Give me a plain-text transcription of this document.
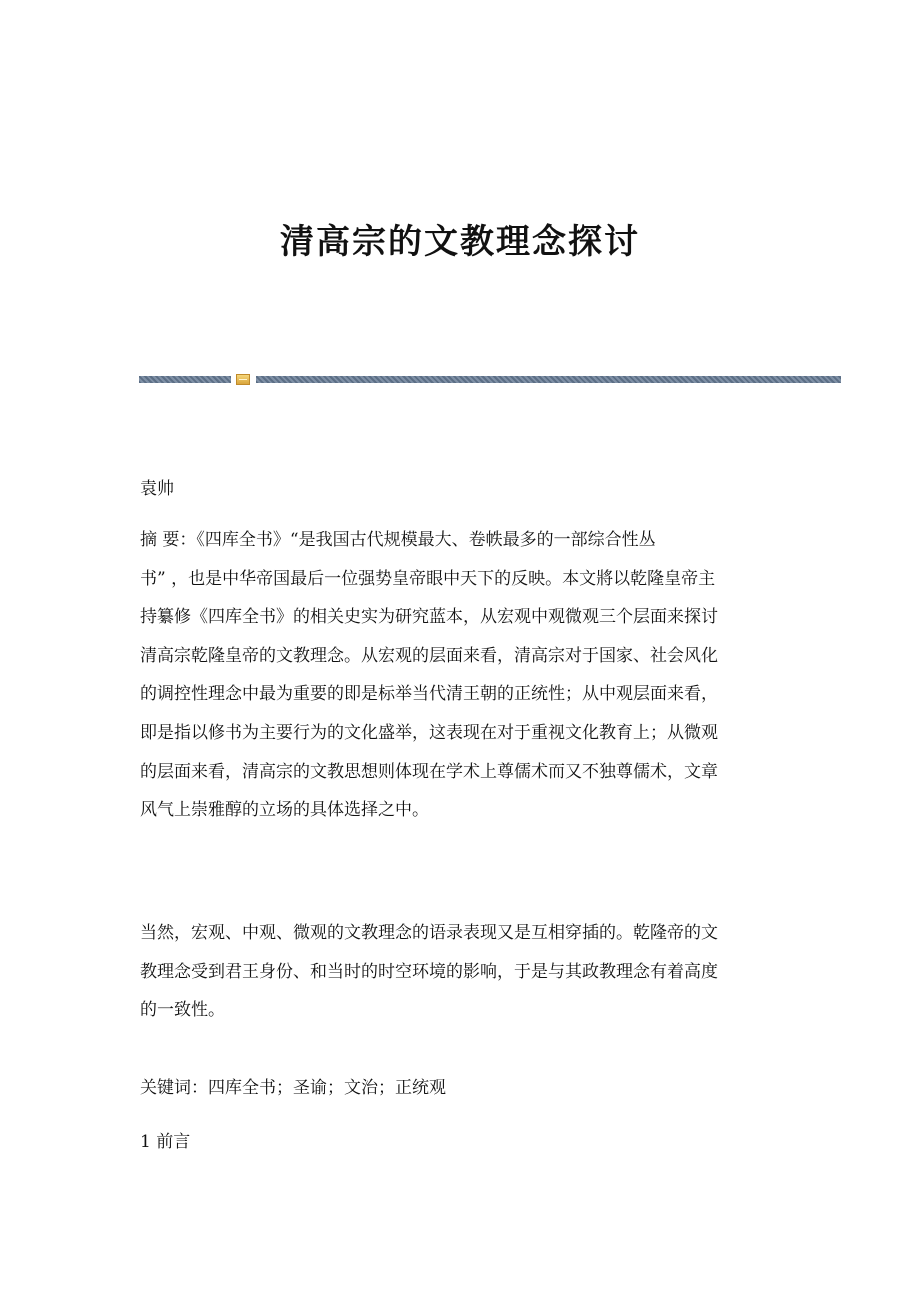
清高宗的文教理念探讨

袁帅

摘 要：《四库全书》“是我国古代规模最大、卷帙最多的一部综合性丛
书” ，也是中华帝国最后一位强势皇帝眼中天下的反映。本文將以乾隆皇帝主
持纂修《四库全书》的相关史实为研究蓝本，从宏观中观微观三个层面来探讨
清高宗乾隆皇帝的文教理念。从宏观的层面来看，清高宗对于国家、社会风化
的调控性理念中最为重要的即是标举当代清王朝的正统性；从中观层面来看，
即是指以修书为主要行为的文化盛举，这表现在对于重视文化教育上；从微观
的层面来看，清高宗的文教思想则体现在学术上尊儒术而又不独尊儒术，文章
风气上崇雅醇的立场的具体选择之中。
当然，宏观、中观、微观的文教理念的语录表现又是互相穿插的。乾隆帝的文
教理念受到君王身份、和当时的时空环境的影响，于是与其政教理念有着高度
的一致性。

关键词：四库全书；圣谕；文治；正统观

1 前言
